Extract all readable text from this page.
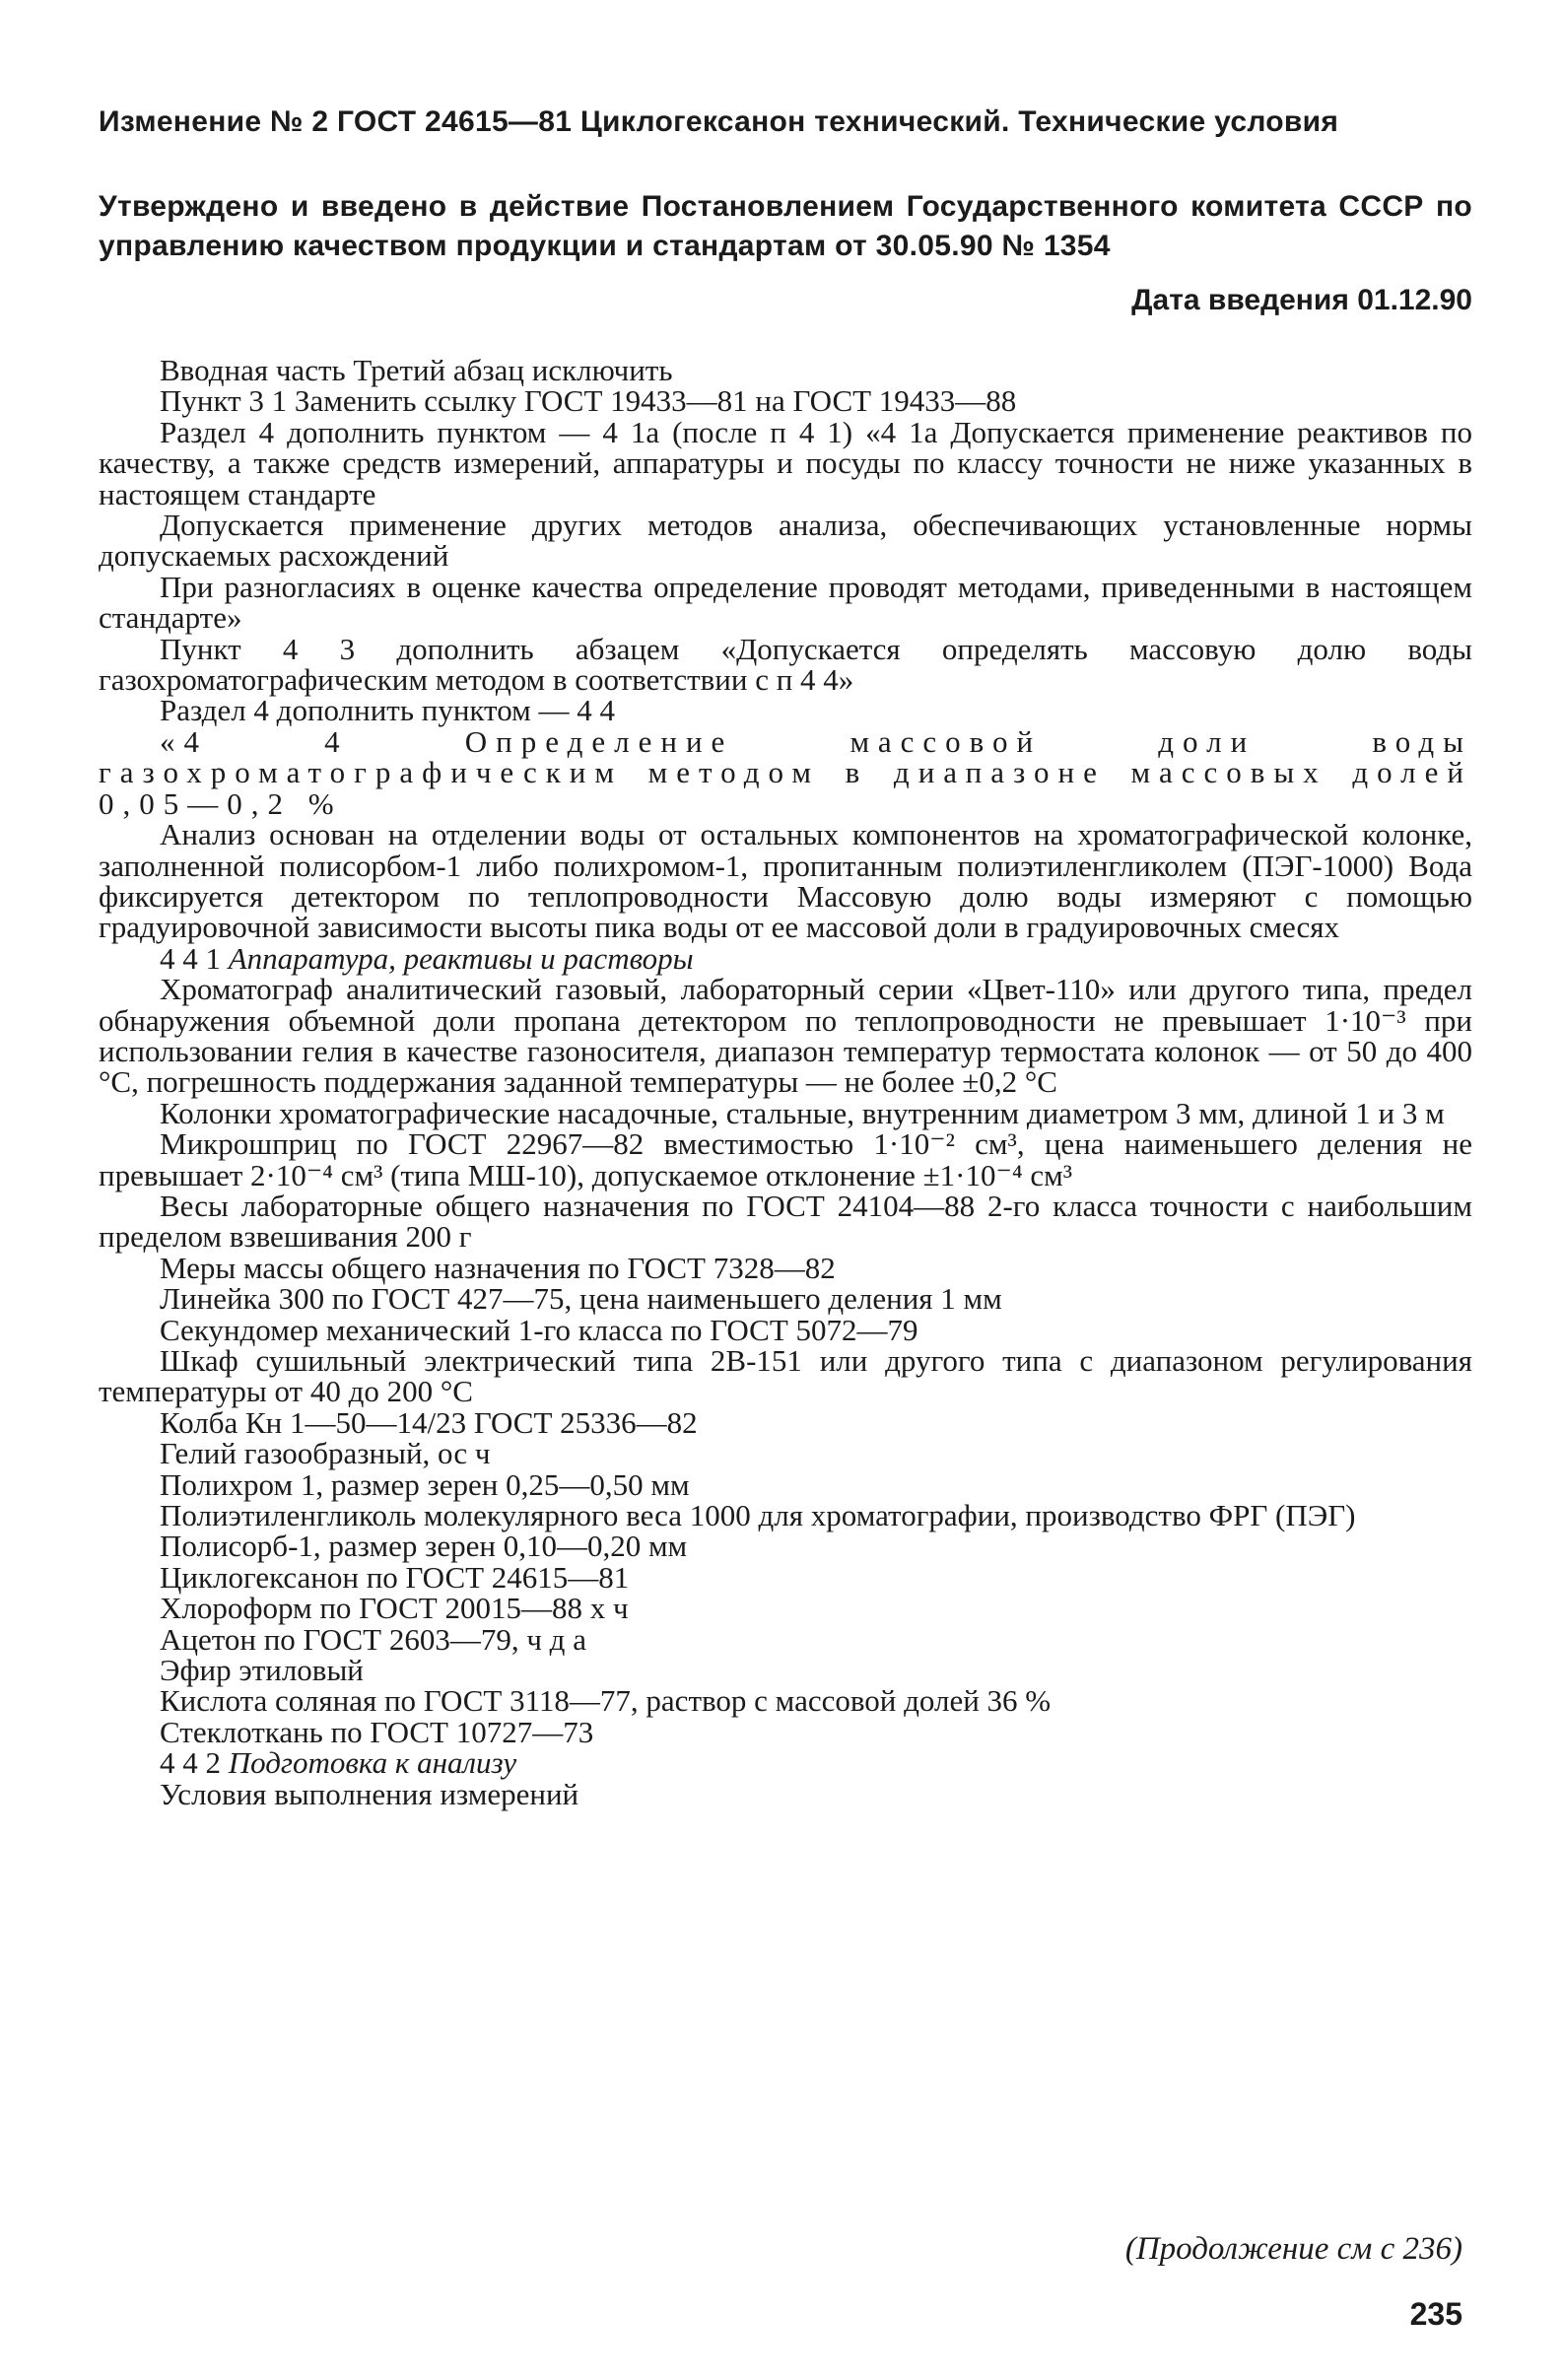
Изменение № 2 ГОСТ 24615—81 Циклогексанон технический. Технические условия
Утверждено и введено в действие Постановлением Государственного комитета СССР по управлению качеством продукции и стандартам от 30.05.90 № 1354
Дата введения 01.12.90

Вводная часть Третий абзац исключить

Пункт 3 1 Заменить ссылку ГОСТ 19433—81 на ГОСТ 19433—88

Раздел 4 дополнить пунктом — 4 1а (после п 4 1) «4 1а Допускается применение реактивов по качеству, а также средств измерений, аппаратуры и посуды по классу точности не ниже указанных в настоящем стандарте

Допускается применение других методов анализа, обеспечивающих установленные нормы допускаемых расхождений

При разногласиях в оценке качества определение проводят методами, приведенными в настоящем стандарте»

Пункт 4 3 дополнить абзацем «Допускается определять массовую долю воды газохроматографическим методом в соответствии с п 4 4»

Раздел 4 дополнить пунктом — 4 4

«4 4 Определение массовой доли воды газохроматографическим методом в диапазоне массовых долей 0,05—0,2 %

Анализ основан на отделении воды от остальных компонентов на хроматографической колонке, заполненной полисорбом-1 либо полихромом-1, пропитанным полиэтиленгликолем (ПЭГ-1000) Вода фиксируется детектором по теплопроводности Массовую долю воды измеряют с помощью градуировочной зависимости высоты пика воды от ее массовой доли в градуировочных смесях

4 4 1 Аппаратура, реактивы и растворы

Хроматограф аналитический газовый, лабораторный серии «Цвет-110» или другого типа, предел обнаружения объемной доли пропана детектором по теплопроводности не превышает 1·10⁻³ при использовании гелия в качестве газоносителя, диапазон температур термостата колонок — от 50 до 400 °С, погрешность поддержания заданной температуры — не более ±0,2 °С

Колонки хроматографические насадочные, стальные, внутренним диаметром 3 мм, длиной 1 и 3 м

Микрошприц по ГОСТ 22967—82 вместимостью 1·10⁻² см³, цена наименьшего деления не превышает 2·10⁻⁴ см³ (типа МШ-10), допускаемое отклонение ±1·10⁻⁴ см³

Весы лабораторные общего назначения по ГОСТ 24104—88 2-го класса точности с наибольшим пределом взвешивания 200 г

Меры массы общего назначения по ГОСТ 7328—82

Линейка 300 по ГОСТ 427—75, цена наименьшего деления 1 мм

Секундомер механический 1-го класса по ГОСТ 5072—79

Шкаф сушильный электрический типа 2В-151 или другого типа с диапазоном регулирования температуры от 40 до 200 °С

Колба Кн 1—50—14/23 ГОСТ 25336—82

Гелий газообразный, ос ч

Полихром 1, размер зерен 0,25—0,50 мм

Полиэтиленгликоль молекулярного веса 1000 для хроматографии, производство ФРГ (ПЭГ)

Полисорб-1, размер зерен 0,10—0,20 мм

Циклогексанон по ГОСТ 24615—81

Хлороформ по ГОСТ 20015—88 х ч

Ацетон по ГОСТ 2603—79, ч д а

Эфир этиловый

Кислота соляная по ГОСТ 3118—77, раствор с массовой долей 36 %

Стеклоткань по ГОСТ 10727—73

4 4 2 Подготовка к анализу

Условия выполнения измерений

(Продолжение см с 236)
235
